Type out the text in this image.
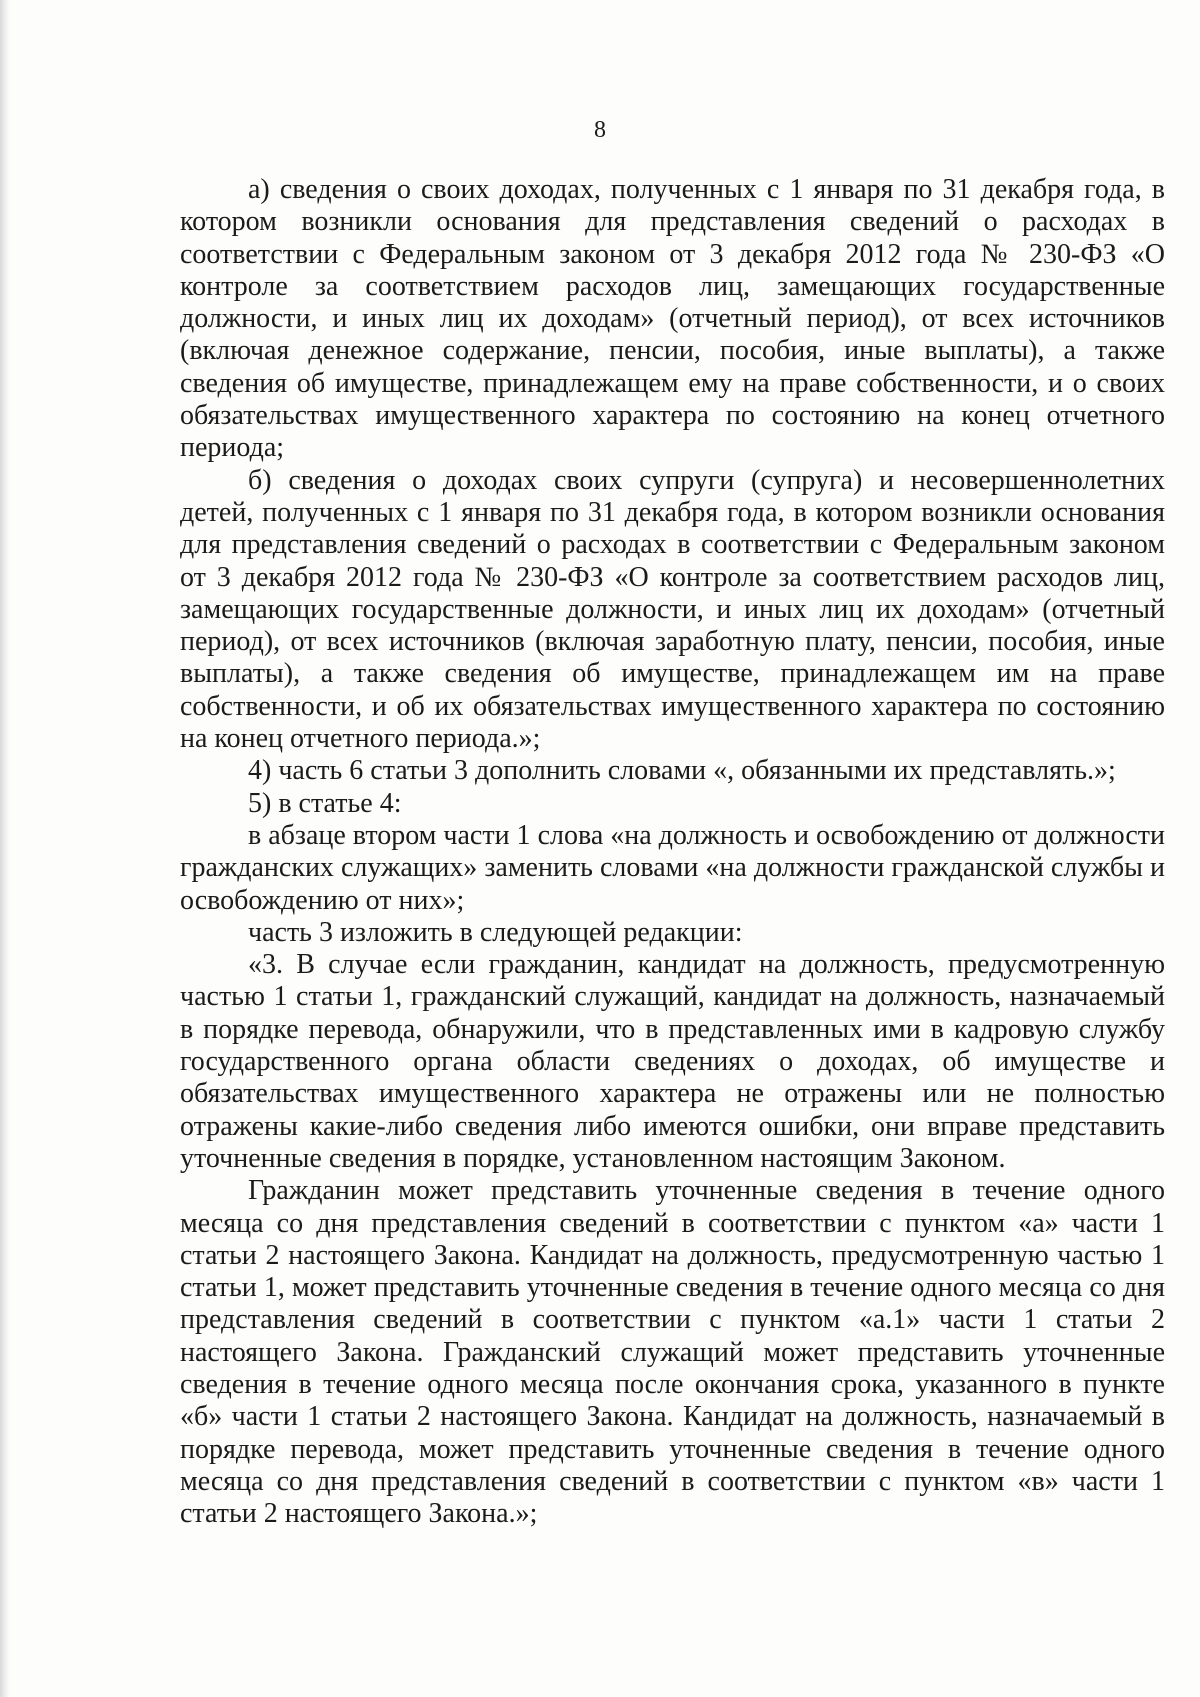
8

а) сведения о своих доходах, полученных с 1 января по 31 декабря года, в котором возникли основания для представления сведений о расходах в соответствии с Федеральным законом от 3 декабря 2012 года № 230-ФЗ «О контроле за соответствием расходов лиц, замещающих государственные должности, и иных лиц их доходам» (отчетный период), от всех источников (включая денежное содержание, пенсии, пособия, иные выплаты), а также сведения об имуществе, принадлежащем ему на праве собственности, и о своих обязательствах имущественного характера по состоянию на конец отчетного периода;

б) сведения о доходах своих супруги (супруга) и несовершеннолетних детей, полученных с 1 января по 31 декабря года, в котором возникли основания для представления сведений о расходах в соответствии с Федеральным законом от 3 декабря 2012 года № 230-ФЗ «О контроле за соответствием расходов лиц, замещающих государственные должности, и иных лиц их доходам» (отчетный период), от всех источников (включая заработную плату, пенсии, пособия, иные выплаты), а также сведения об имуществе, принадлежащем им на праве собственности, и об их обязательствах имущественного характера по состоянию на конец отчетного периода.»;

4) часть 6 статьи 3 дополнить словами «, обязанными их представлять.»;

5) в статье 4:

в абзаце втором части 1 слова «на должность и освобождению от должности гражданских служащих» заменить словами «на должности гражданской службы и освобождению от них»;

часть 3 изложить в следующей редакции:

«3. В случае если гражданин, кандидат на должность, предусмотренную частью 1 статьи 1, гражданский служащий, кандидат на должность, назначаемый в порядке перевода, обнаружили, что в представленных ими в кадровую службу государственного органа области сведениях о доходах, об имуществе и обязательствах имущественного характера не отражены или не полностью отражены какие-либо сведения либо имеются ошибки, они вправе представить уточненные сведения в порядке, установленном настоящим Законом.

Гражданин может представить уточненные сведения в течение одного месяца со дня представления сведений в соответствии с пунктом «а» части 1 статьи 2 настоящего Закона. Кандидат на должность, предусмотренную частью 1 статьи 1, может представить уточненные сведения в течение одного месяца со дня представления сведений в соответствии с пунктом «а.1» части 1 статьи 2 настоящего Закона. Гражданский служащий может представить уточненные сведения в течение одного месяца после окончания срока, указанного в пункте «б» части 1 статьи 2 настоящего Закона. Кандидат на должность, назначаемый в порядке перевода, может представить уточненные сведения в течение одного месяца со дня представления сведений в соответствии с пунктом «в» части 1 статьи 2 настоящего Закона.»;
